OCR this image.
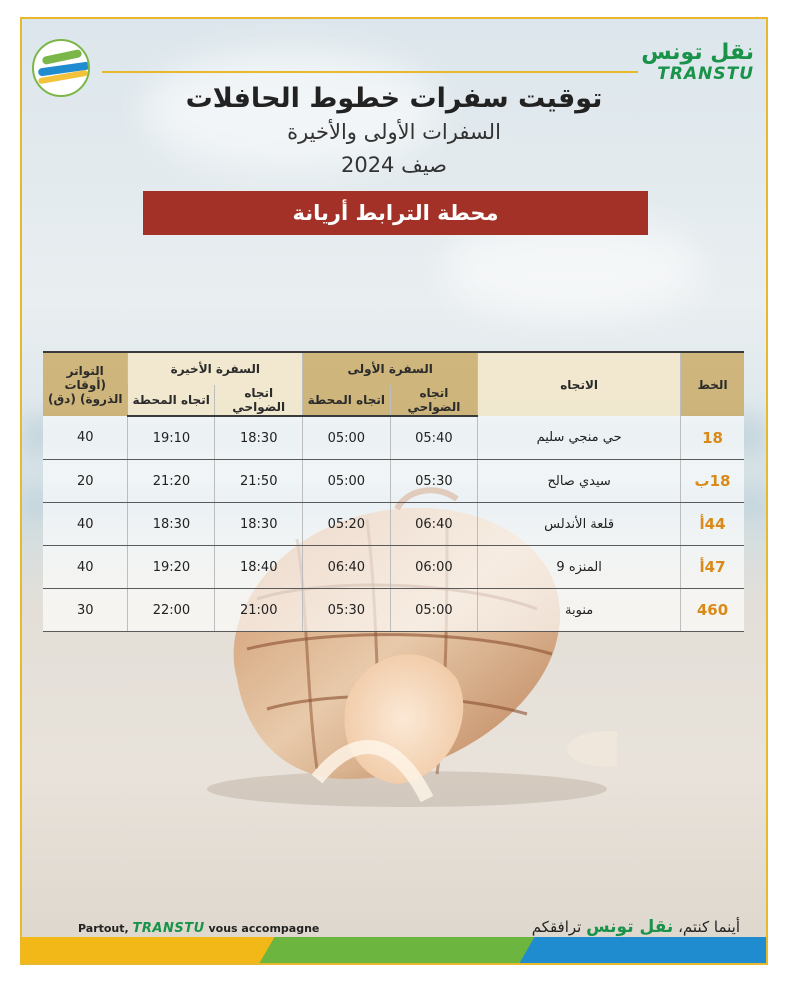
نقل تونس
TRANSTU
توقيت سفرات خطوط الحافلات
السفرات الأولى والأخيرة
صيف 2024
محطة الترابط أريانة
الخط	الاتجاه	السفرة الأولى		السفرة الأخيرة		التواتر (أوقات الذروة) (دق)
		اتجاه الضواحي	اتجاه المحطة	اتجاه الضواحي	اتجاه المحطة	
18	حي منجي سليم	05:40	05:00	18:30	19:10	40
18ب	سيدي صالح	05:30	05:00	21:50	21:20	20
44أ	قلعة الأندلس	06:40	05:20	18:30	18:30	40
47أ	المنزه 9	06:00	06:40	18:40	19:20	40
460	منوبة	05:00	05:30	21:00	22:00	30
Partout, TRANSTU vous accompagne	أينما كنتم، نقل تونس ترافقكم
